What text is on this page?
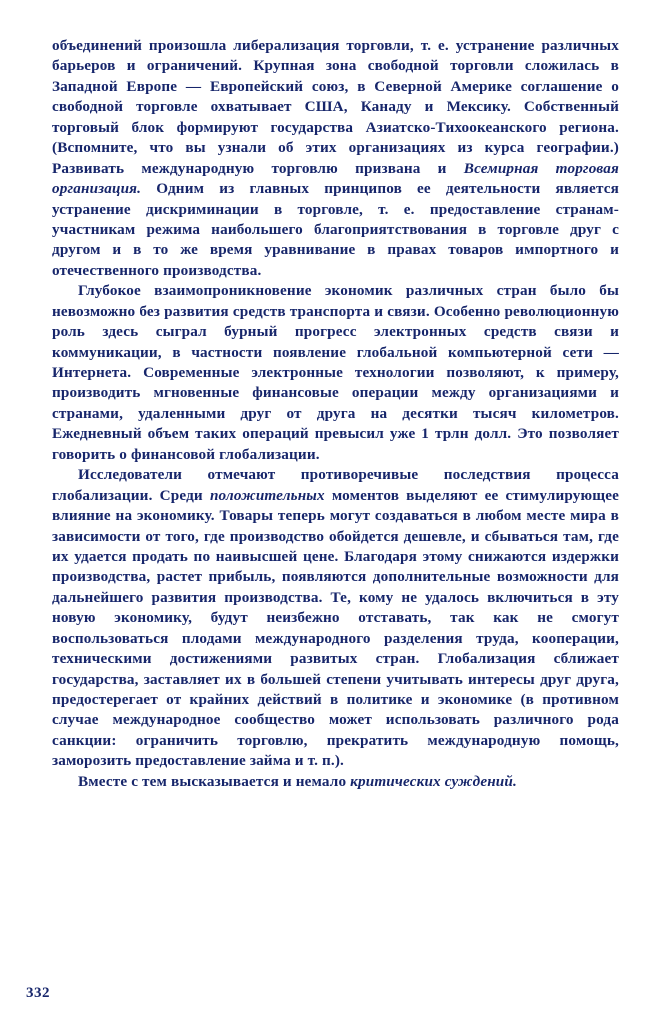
объединений произошла либерализация торговли, т. е. устранение различных барьеров и ограничений. Крупная зона свободной торговли сложилась в Западной Европе — Европейский союз, в Северной Америке соглашение о свободной торговле охватывает США, Канаду и Мексику. Собственный торговый блок формируют государства Азиатско-Тихоокеанского региона. (Вспомните, что вы узнали об этих организациях из курса географии.) Развивать международную торговлю призвана и Всемирная торговая организация. Одним из главных принципов ее деятельности является устранение дискриминации в торговле, т. е. предоставление странам-участникам режима наибольшего благоприятствования в торговле друг с другом и в то же время уравнивание в правах товаров импортного и отечественного производства.

Глубокое взаимопроникновение экономик различных стран было бы невозможно без развития средств транспорта и связи. Особенно революционную роль здесь сыграл бурный прогресс электронных средств связи и коммуникации, в частности появление глобальной компьютерной сети — Интернета. Современные электронные технологии позволяют, к примеру, производить мгновенные финансовые операции между организациями и странами, удаленными друг от друга на десятки тысяч километров. Ежедневный объем таких операций превысил уже 1 трлн долл. Это позволяет говорить о финансовой глобализации.

Исследователи отмечают противоречивые последствия процесса глобализации. Среди положительных моментов выделяют ее стимулирующее влияние на экономику. Товары теперь могут создаваться в любом месте мира в зависимости от того, где производство обойдется дешевле, и сбываться там, где их удается продать по наивысшей цене. Благодаря этому снижаются издержки производства, растет прибыль, появляются дополнительные возможности для дальнейшего развития производства. Те, кому не удалось включиться в эту новую экономику, будут неизбежно отставать, так как не смогут воспользоваться плодами международного разделения труда, кооперации, техническими достижениями развитых стран. Глобализация сближает государства, заставляет их в большей степени учитывать интересы друг друга, предостерегает от крайних действий в политике и экономике (в противном случае международное сообщество может использовать различного рода санкции: ограничить торговлю, прекратить международную помощь, заморозить предоставление займа и т. п.).

Вместе с тем высказывается и немало критических суждений.

332
